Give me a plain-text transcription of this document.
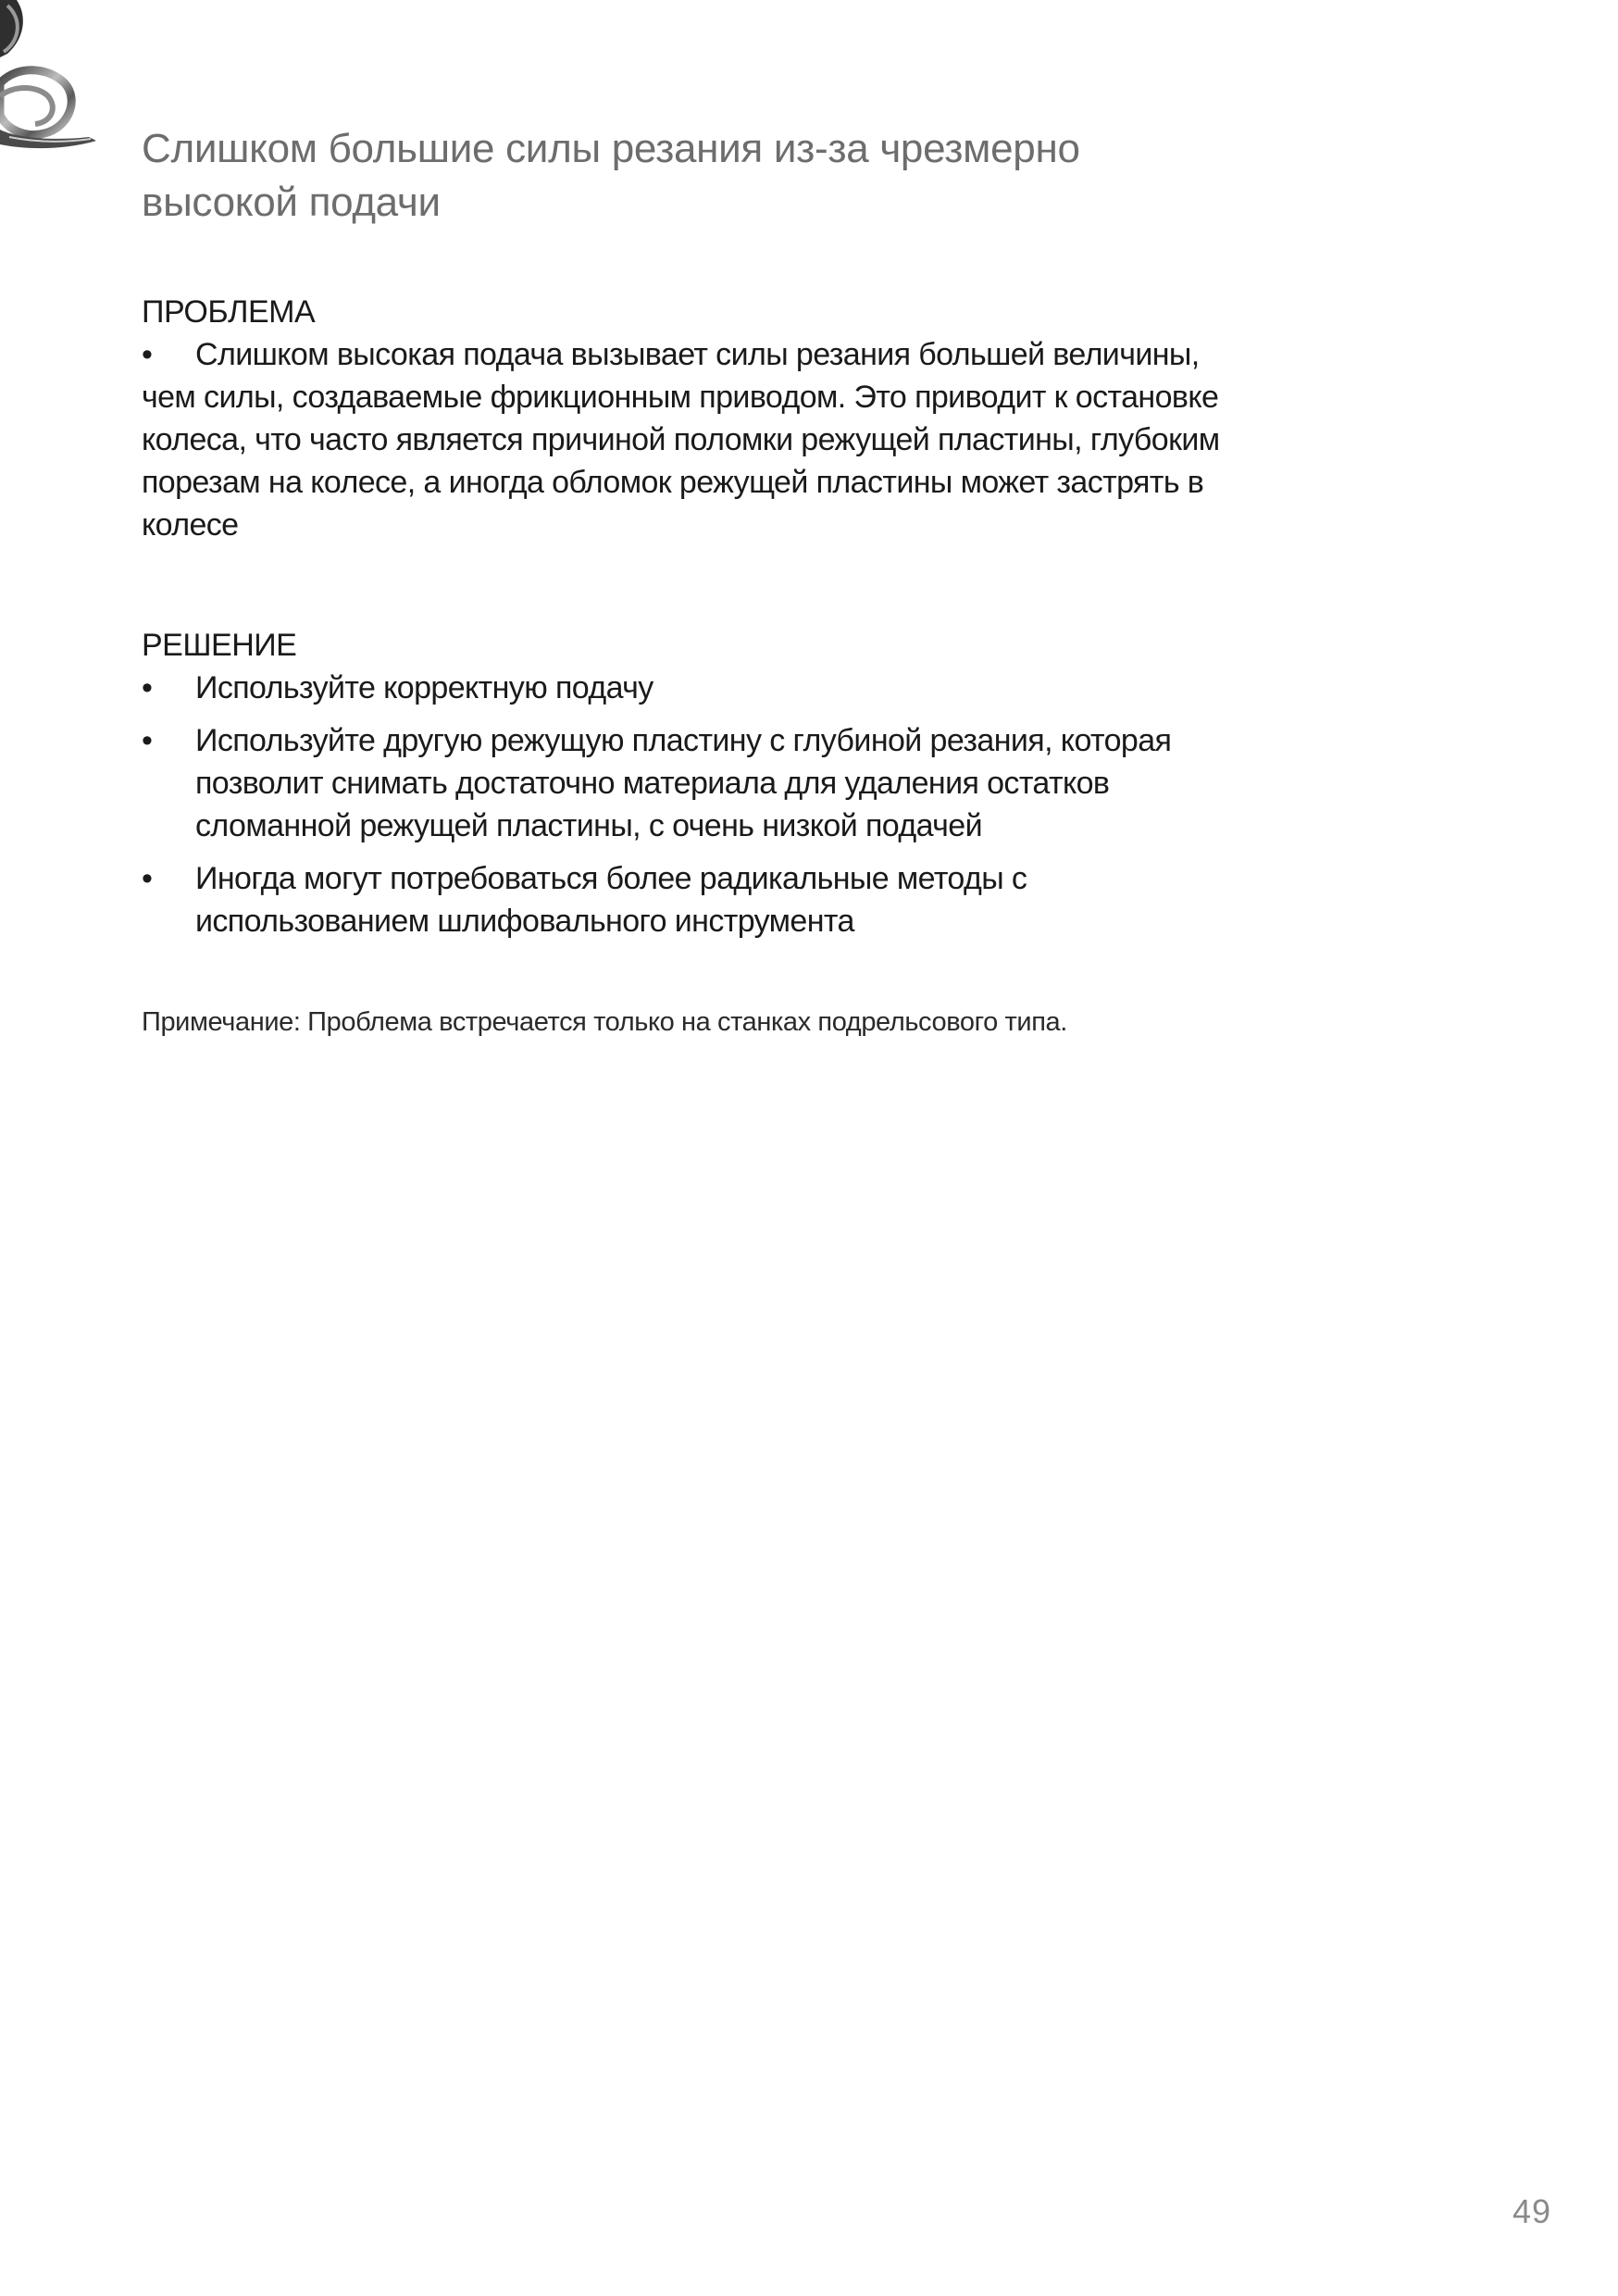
Слишком большие силы резания из-за чрезмерно высокой подачи

ПРОБЛЕМА

• Слишком высокая подача вызывает силы резания большей величины, чем силы, создаваемые фрикционным приводом. Это приводит к остановке колеса, что часто является причиной поломки режущей пластины, глубоким порезам на колесе, а иногда обломок режущей пластины может застрять в колесе

РЕШЕНИЕ

• Используйте корректную подачу
• Используйте другую режущую пластину с глубиной резания, которая позволит снимать достаточно материала для удаления остатков сломанной режущей пластины, с очень низкой подачей
• Иногда могут потребоваться более радикальные методы с использованием шлифовального инструмента

Примечание: Проблема встречается только на станках подрельсового типа.

49
